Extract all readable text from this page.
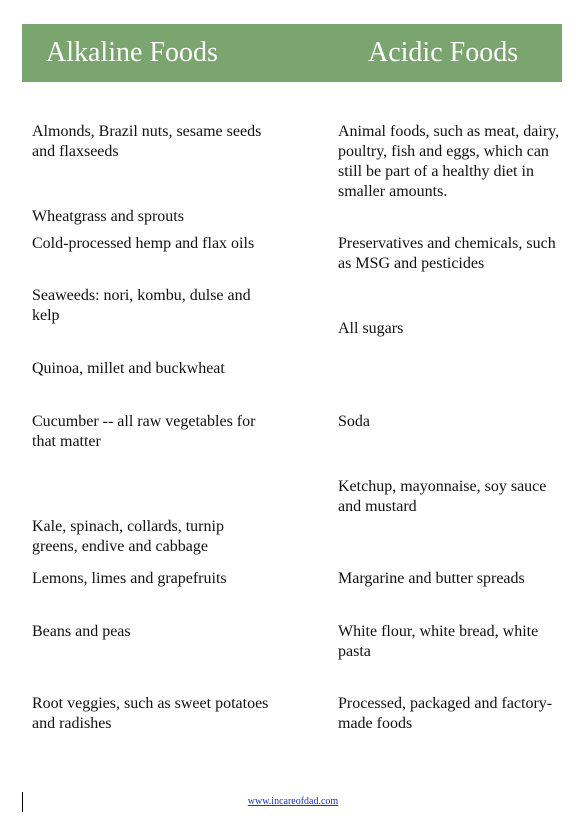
Alkaline Foods	Acidic Foods
Almonds, Brazil nuts, sesame seeds and flaxseeds
Wheatgrass and sprouts
Cold-processed hemp and flax oils
Seaweeds: nori, kombu, dulse and kelp
Quinoa, millet and buckwheat
Cucumber -- all raw vegetables for that matter
Kale, spinach, collards, turnip greens, endive and cabbage
Lemons, limes and grapefruits
Beans and peas
Root veggies, such as sweet potatoes and radishes
Animal foods, such as meat, dairy, poultry, fish and eggs, which can still be part of a healthy diet in smaller amounts.
Preservatives and chemicals, such as MSG and pesticides
All sugars
Soda
Ketchup, mayonnaise, soy sauce and mustard
Margarine and butter spreads
White flour, white bread, white pasta
Processed, packaged and factory-made foods
www.incareofdad.com
